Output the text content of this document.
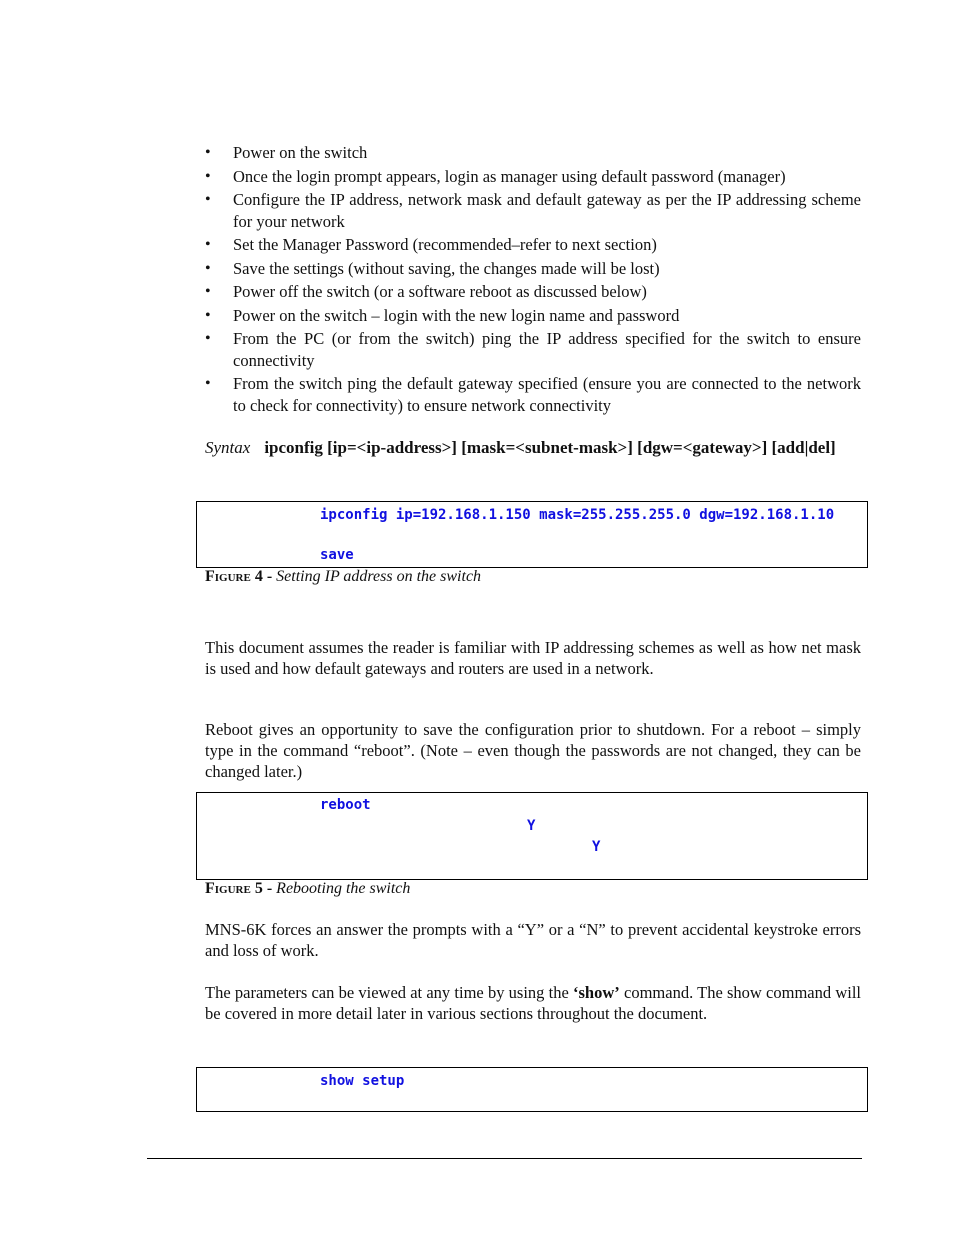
• Power on the switch
• Once the login prompt appears, login as manager using default password (manager)
• Configure the IP address, network mask and default gateway as per the IP addressing scheme for your network
• Set the Manager Password (recommended–refer to next section)
• Save the settings (without saving, the changes made will be lost)
• Power off the switch (or a software reboot as discussed below)
• Power on the switch – login with the new login name and password
• From the PC (or from the switch) ping the IP address specified for the switch to ensure connectivity
• From the switch ping the default gateway specified (ensure you are connected to the network to check for connectivity) to ensure network connectivity
Syntax ipconfig [ip=<ip-address>] [mask=<subnet-mask>] [dgw=<gateway>] [add|del]
ipconfig ip=192.168.1.150 mask=255.255.255.0 dgw=192.168.1.10
save
Figure 4 - Setting IP address on the switch

This document assumes the reader is familiar with IP addressing schemes as well as how net mask is used and how default gateways and routers are used in a network.

Reboot gives an opportunity to save the configuration prior to shutdown. For a reboot – simply type in the command “reboot”. (Note – even though the passwords are not changed, they can be changed later.)

reboot
Y
Y
Figure 5 - Rebooting the switch

MNS-6K forces an answer the prompts with a “Y” or a “N” to prevent accidental keystroke errors and loss of work.

The parameters can be viewed at any time by using the ‘show’ command. The show command will be covered in more detail later in various sections throughout the document.

show setup
